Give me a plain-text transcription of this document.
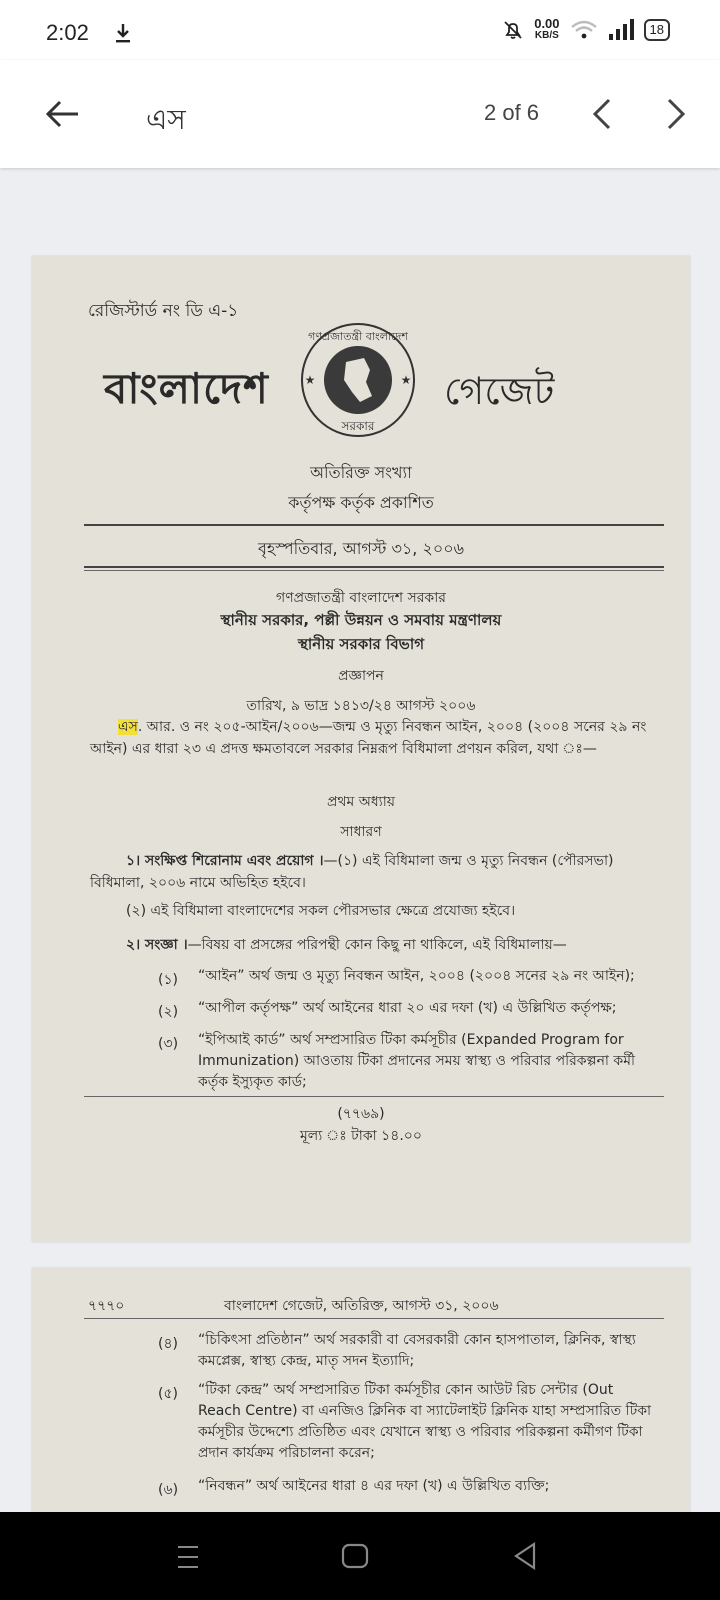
2:02	0.00
KB/S	18
এস	2 of 6
রেজিস্টার্ড নং ডি এ-১
বাংলাদেশ	গেজেট
গণপ্রজাতন্ত্রী বাংলাদেশ
সরকার
★	★
অতিরিক্ত সংখ্যা
কর্তৃপক্ষ কর্তৃক প্রকাশিত
বৃহস্পতিবার, আগস্ট ৩১, ২০০৬
গণপ্রজাতন্ত্রী বাংলাদেশ সরকার
স্থানীয় সরকার, পল্লী উন্নয়ন ও সমবায় মন্ত্রণালয়
স্থানীয় সরকার বিভাগ
প্রজ্ঞাপন
তারিখ, ৯ ভাদ্র ১৪১৩/২৪ আগস্ট ২০০৬
এস. আর. ও নং ২০৫-আইন/২০০৬—জন্ম ও মৃত্যু নিবন্ধন আইন, ২০০৪ (২০০৪ সনের ২৯ নং আইন) এর ধারা ২৩ এ প্রদত্ত ক্ষমতাবলে সরকার নিম্নরূপ বিধিমালা প্রণয়ন করিল, যথা ঃ—
প্রথম অধ্যায়
সাধারণ
১। সংক্ষিপ্ত শিরোনাম এবং প্রয়োগ ।—(১) এই বিধিমালা জন্ম ও মৃত্যু নিবন্ধন (পৌরসভা) বিধিমালা, ২০০৬ নামে অভিহিত হইবে।
(২) এই বিধিমালা বাংলাদেশের সকল পৌরসভার ক্ষেত্রে প্রযোজ্য হইবে।
২। সংজ্ঞা ।—বিষয় বা প্রসঙ্গের পরিপন্থী কোন কিছু না থাকিলে, এই বিধিমালায়—
(১) “আইন” অর্থ জন্ম ও মৃত্যু নিবন্ধন আইন, ২০০৪ (২০০৪ সনের ২৯ নং আইন);
(২) “আপীল কর্তৃপক্ষ” অর্থ আইনের ধারা ২০ এর দফা (খ) এ উল্লিখিত কর্তৃপক্ষ;
(৩) “ইপিআই কার্ড” অর্থ সম্প্রসারিত টিকা কর্মসূচীর (Expanded Program for Immunization) আওতায় টিকা প্রদানের সময় স্বাস্থ্য ও পরিবার পরিকল্পনা কর্মী কর্তৃক ইস্যুকৃত কার্ড;
(৭৭৬৯)
মূল্য ঃ টাকা ১৪.০০
৭৭৭০	বাংলাদেশ গেজেট, অতিরিক্ত, আগস্ট ৩১, ২০০৬
(৪) “চিকিৎসা প্রতিষ্ঠান” অর্থ সরকারী বা বেসরকারী কোন হাসপাতাল, ক্লিনিক, স্বাস্থ্য কমপ্লেক্স, স্বাস্থ্য কেন্দ্র, মাতৃ সদন ইত্যাদি;
(৫) “টিকা কেন্দ্র” অর্থ সম্প্রসারিত টিকা কর্মসূচীর কোন আউট রিচ সেন্টার (Out Reach Centre) বা এনজিও ক্লিনিক বা স্যাটেলাইট ক্লিনিক যাহা সম্প্রসারিত টিকা কর্মসূচীর উদ্দেশ্যে প্রতিষ্ঠিত এবং যেখানে স্বাস্থ্য ও পরিবার পরিকল্পনা কর্মীগণ টিকা প্রদান কার্যক্রম পরিচালনা করেন;
(৬) “নিবন্ধন” অর্থ আইনের ধারা ৪ এর দফা (খ) এ উল্লিখিত ব্যক্তি;
